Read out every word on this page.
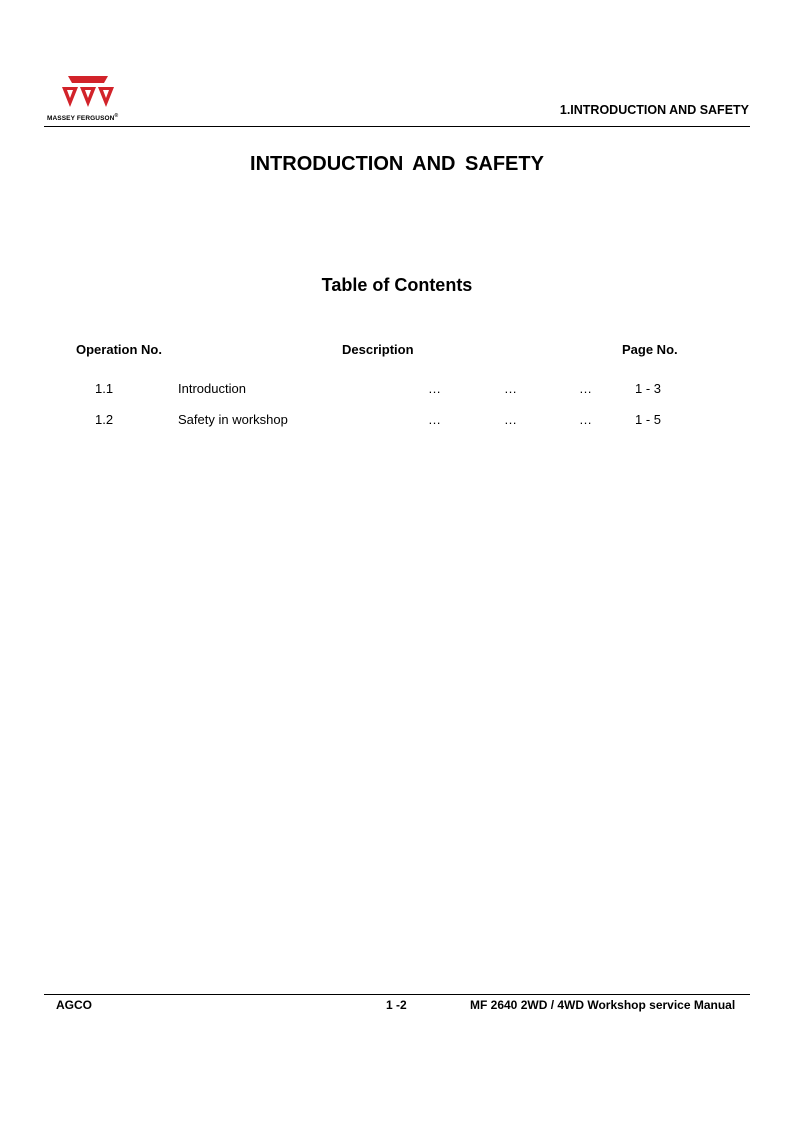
MASSEY FERGUSON®	1.INTRODUCTION AND SAFETY
INTRODUCTION AND SAFETY
Table of Contents
Operation No.	Description	Page No.
1.1	Introduction	…	…	…	1 - 3
1.2	Safety in workshop	…	…	…	1 - 5
AGCO	1 -2	MF 2640 2WD / 4WD Workshop service Manual
